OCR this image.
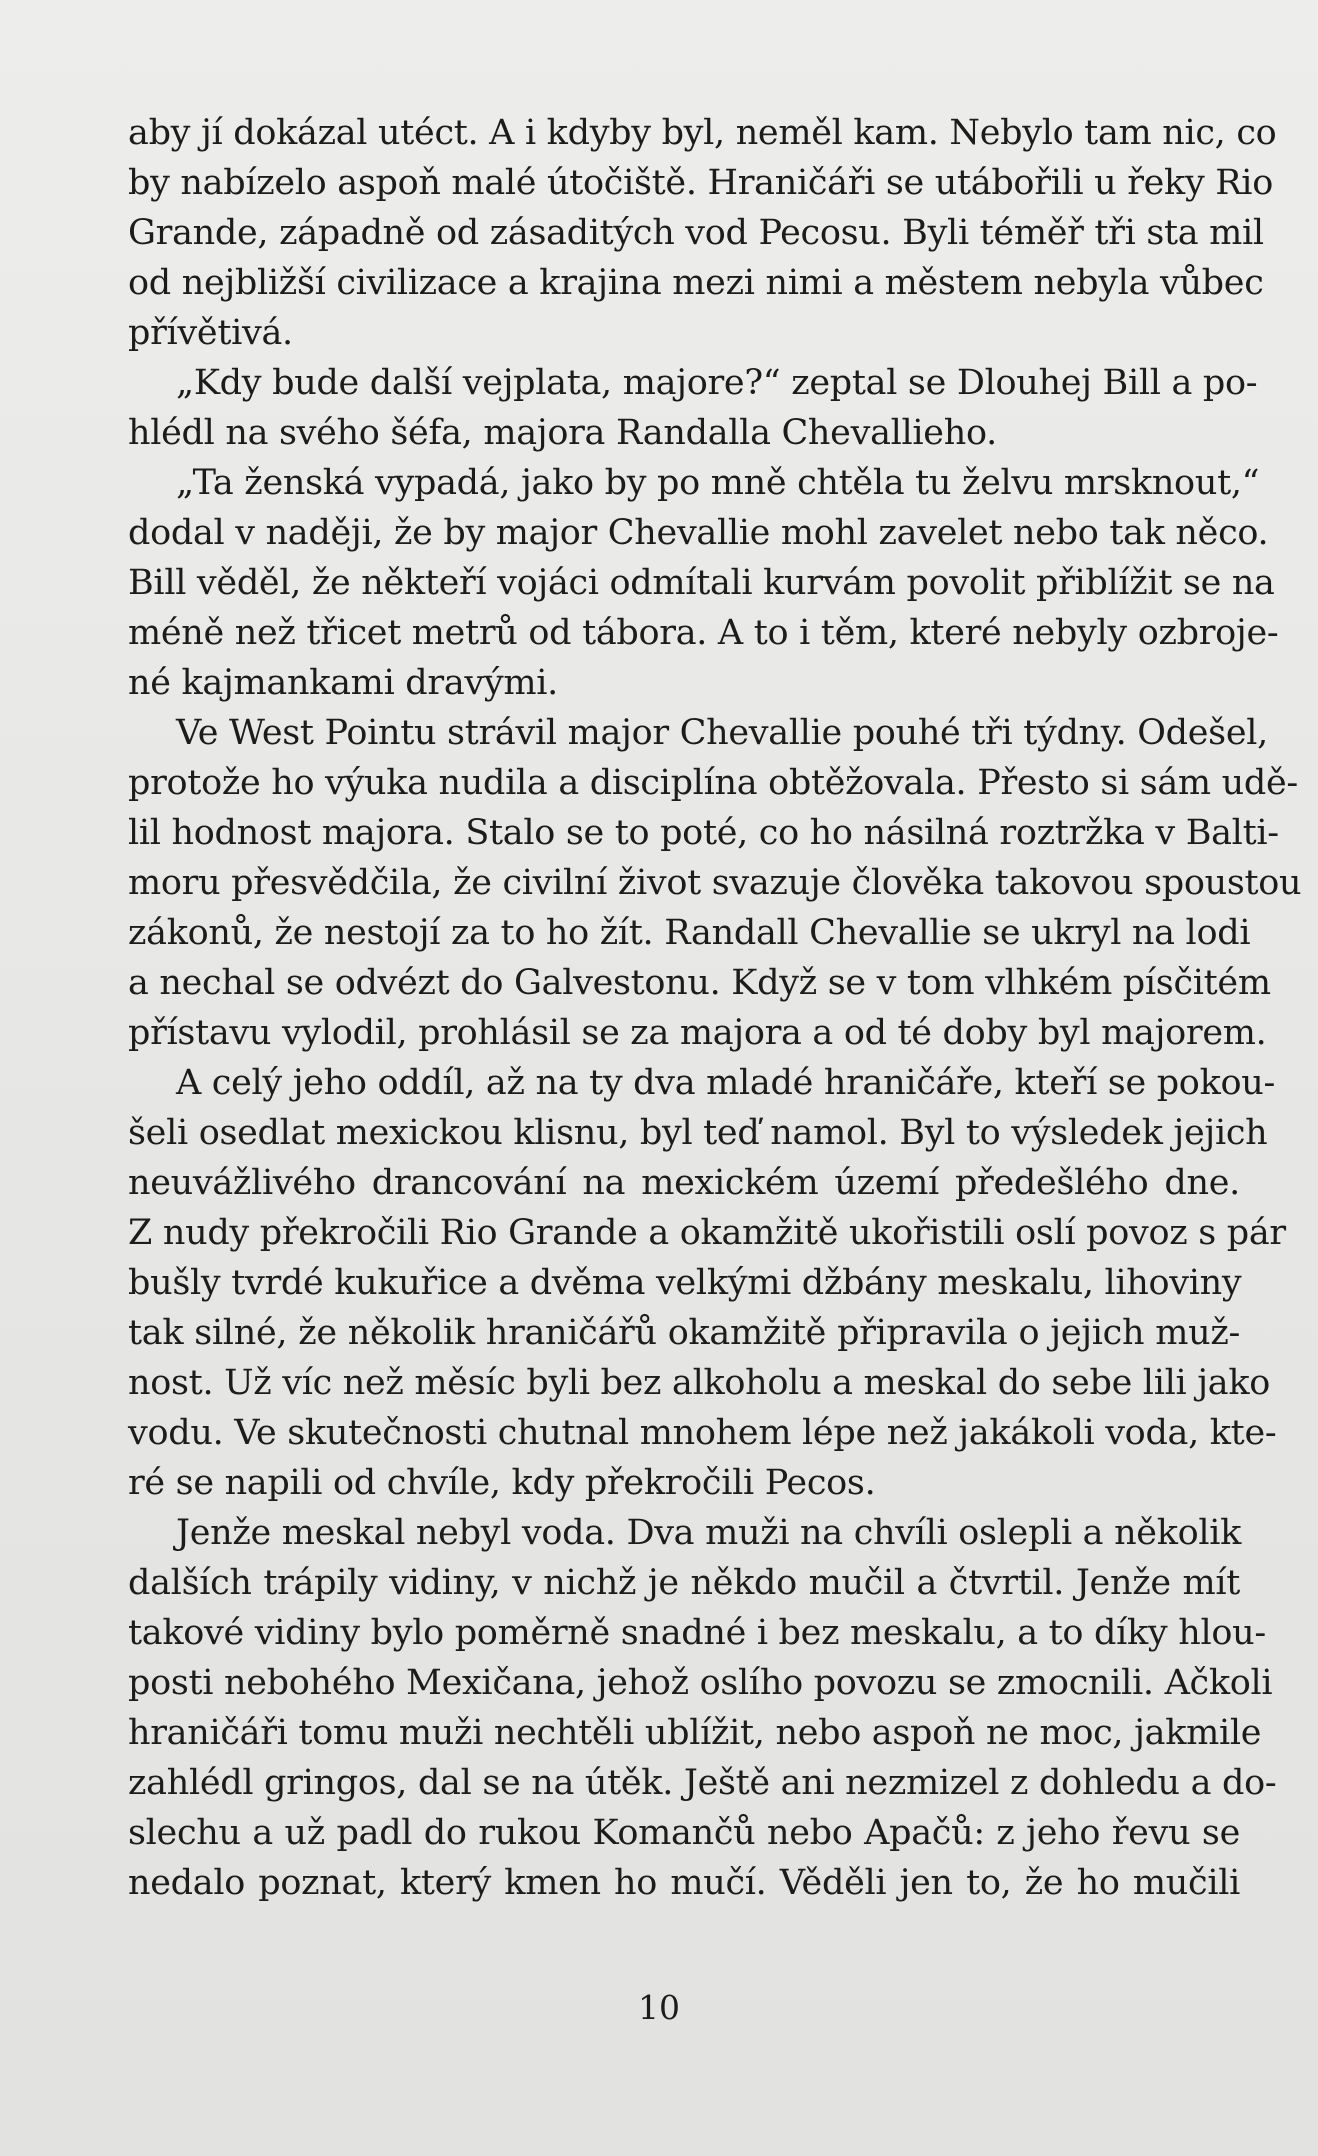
aby jí dokázal utéct. A i kdyby byl, neměl kam. Nebylo tam nic, co
by nabízelo aspoň malé útočiště. Hraničáři se utábořili u řeky Rio
Grande, západně od zásaditých vod Pecosu. Byli téměř tři sta mil
od nejbližší civilizace a krajina mezi nimi a městem nebyla vůbec
přívětivá.
„Kdy bude další vejplata, majore?“ zeptal se Dlouhej Bill a po-
hlédl na svého šéfa, majora Randalla Chevallieho.
„Ta ženská vypadá, jako by po mně chtěla tu želvu mrsknout,“
dodal v naději, že by major Chevallie mohl zavelet nebo tak něco.
Bill věděl, že někteří vojáci odmítali kurvám povolit přiblížit se na
méně než třicet metrů od tábora. A to i těm, které nebyly ozbroje-
né kajmankami dravými.
Ve West Pointu strávil major Chevallie pouhé tři týdny. Odešel,
protože ho výuka nudila a disciplína obtěžovala. Přesto si sám udě-
lil hodnost majora. Stalo se to poté, co ho násilná roztržka v Balti-
moru přesvědčila, že civilní život svazuje člověka takovou spoustou
zákonů, že nestojí za to ho žít. Randall Chevallie se ukryl na lodi
a nechal se odvézt do Galvestonu. Když se v tom vlhkém písčitém
přístavu vylodil, prohlásil se za majora a od té doby byl majorem.
A celý jeho oddíl, až na ty dva mladé hraničáře, kteří se pokou-
šeli osedlat mexickou klisnu, byl teď namol. Byl to výsledek jejich
neuvážlivého drancování na mexickém území předešlého dne.
Z nudy překročili Rio Grande a okamžitě ukořistili oslí povoz s pár
bušly tvrdé kukuřice a dvěma velkými džbány meskalu, lihoviny
tak silné, že několik hraničářů okamžitě připravila o jejich muž-
nost. Už víc než měsíc byli bez alkoholu a meskal do sebe lili jako
vodu. Ve skutečnosti chutnal mnohem lépe než jakákoli voda, kte-
ré se napili od chvíle, kdy překročili Pecos.
Jenže meskal nebyl voda. Dva muži na chvíli oslepli a několik
dalších trápily vidiny, v nichž je někdo mučil a čtvrtil. Jenže mít
takové vidiny bylo poměrně snadné i bez meskalu, a to díky hlou-
posti nebohého Mexičana, jehož oslího povozu se zmocnili. Ačkoli
hraničáři tomu muži nechtěli ublížit, nebo aspoň ne moc, jakmile
zahlédl gringos, dal se na útěk. Ještě ani nezmizel z dohledu a do-
slechu a už padl do rukou Komančů nebo Apačů: z jeho řevu se
nedalo poznat, který kmen ho mučí. Věděli jen to, že ho mučili
10
